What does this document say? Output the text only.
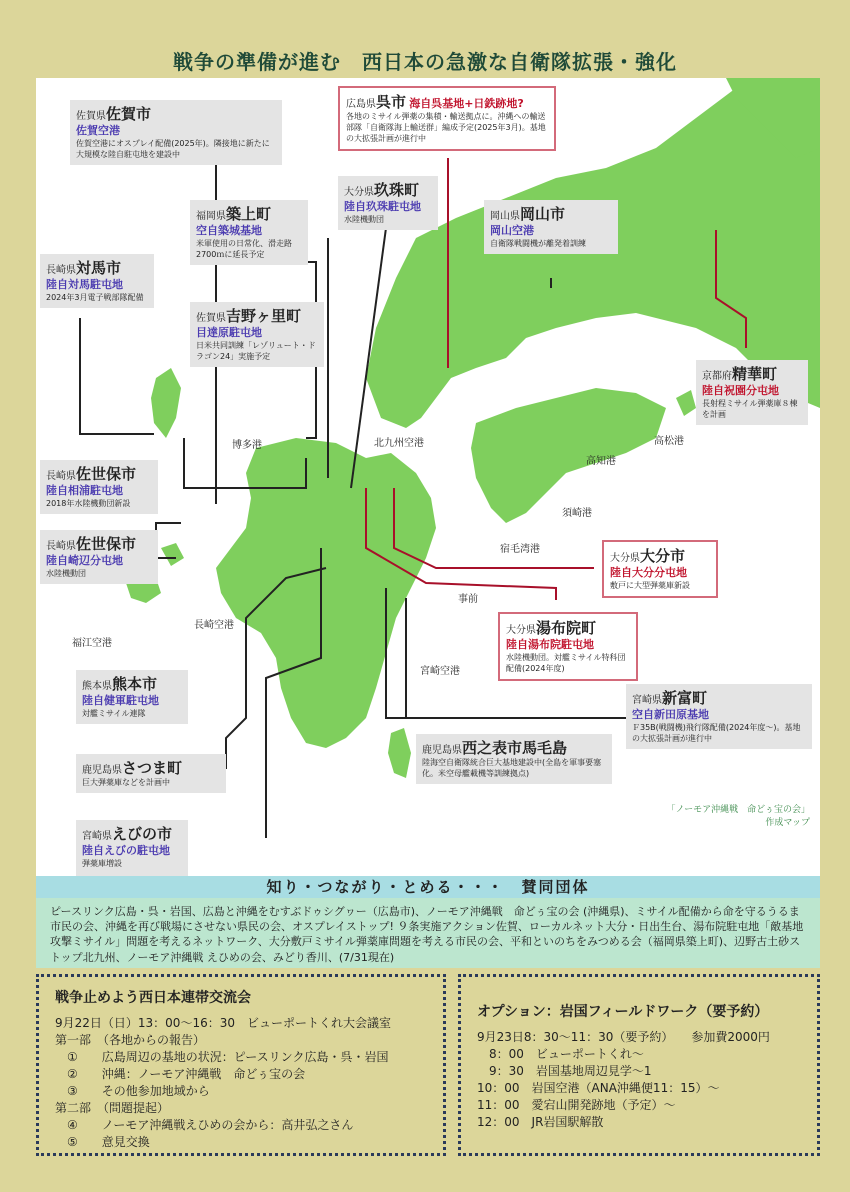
戦争の準備が進む　西日本の急激な自衛隊拡張・強化
佐賀県佐賀市
佐賀空港
佐賀空港にオスプレイ配備(2025年)。隣接地に新たに大規模な陸自駐屯地を建設中
広島県呉市 海自呉基地+日鉄跡地?
各地のミサイル弾薬の集積・輸送拠点に。沖縄への輸送部隊「自衛隊海上輸送群」編成予定(2025年3月)。基地の大拡張計画が進行中
大分県玖珠町
陸自玖珠駐屯地
水陸機動団
福岡県築上町
空自築城基地
米軍使用の日常化、滑走路2700ｍに延長予定
岡山県岡山市
岡山空港
自衛隊戦闘機が離発着訓練
長崎県対馬市
陸自対馬駐屯地
2024年3月電子戦部隊配備
佐賀県吉野ヶ里町
目達原駐屯地
日米共同訓練「レゾリュート・ドラゴン24」実施予定
京都府精華町
陸自祝園分屯地
長射程ミサイル弾薬庫８棟を計画
長崎県佐世保市
陸自相浦駐屯地
2018年水陸機動団新設
長崎県佐世保市
陸自崎辺分屯地
水陸機動団
大分県大分市
陸自大分分屯地
敷戸に大型弾薬庫新設
大分県湯布院町
陸自湯布院駐屯地
水陸機動団。対艦ミサイル特科団配備(2024年度)
熊本県熊本市
陸自健軍駐屯地
対艦ミサイル連隊
宮崎県新富町
空自新田原基地
Ｆ35B(戦闘機)飛行隊配備(2024年度～)。基地の大拡張計画が進行中
鹿児島県さつま町
巨大弾薬庫などを計画中
鹿児島県西之表市馬毛島
陸海空自衛隊統合巨大基地建設中(全島を軍事要塞化。米空母艦載機等訓練拠点)
宮崎県えびの市
陸自えびの駐屯地
弾薬庫増設
博多港	北九州空港	高松港
高知港
須崎港
宿毛湾港
福江空港
長崎空港
宮崎空港
事前
「ノーモア沖縄戦　命どぅ宝の会」
作成マップ
知り・つながり・とめる・・・　賛同団体
ピースリンク広島・呉・岩国、広島と沖縄をむすぶドゥシグヮー（広島市)、ノーモア沖縄戦　命どぅ宝の会 (沖縄県)、ミサイル配備から命を守るうるま市民の会、沖縄を再び戦場にさせない県民の会、オスプレイストップ! ９条実施アクション佐賀、ローカルネット大分・日出生台、湯布院駐屯地「敵基地攻撃ミサイル」問題を考えるネットワーク、大分敷戸ミサイル弾薬庫問題を考える市民の会、平和といのちをみつめる会（福岡県築上町)、辺野古土砂ストップ北九州、ノーモア沖縄戦 えひめの会、みどり香川、(7/31現在)
戦争止めよう西日本連帯交流会
9月22日（日）13：00～16：30　ビューポートくれ大会議室
第一部　（各地からの報告）
　①　　広島周辺の基地の状況：ピースリンク広島・呉・岩国
　②　　沖縄：ノーモア沖縄戦　命どぅ宝の会
　③　　その他参加地域から
第二部　（問題提起）
　④　　ノーモア沖縄戦えひめの会から：高井弘之さん
　⑤　　意見交換
オプション：岩国フィールドワーク（要予約）
9月23日8：30～11：30（要予約）　　参加費2000円
　8：00　ビューポートくれ～
　9：30　岩国基地周辺見学～1
10：00　岩国空港（ANA沖縄便11：15）～
11：00　愛宕山開発跡地（予定）～
12：00　JR岩国駅解散
